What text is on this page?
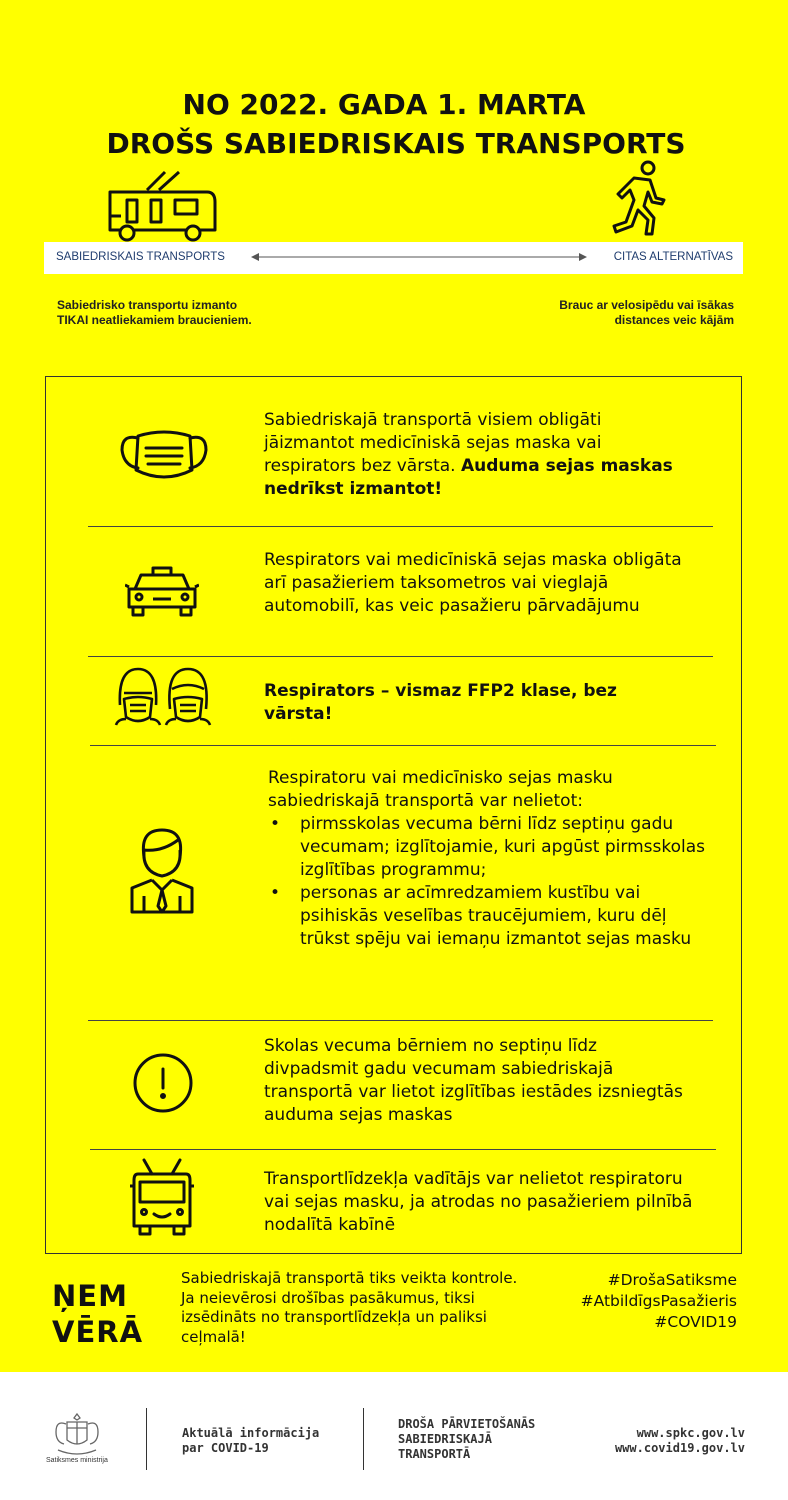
NO 2022. GADA 1. MARTA
DROŠS SABIEDRISKAIS TRANSPORTS
SABIEDRISKAIS TRANSPORTS	CITAS ALTERNATĪVAS
Sabiedrisko transportu izmanto
TIKAI neatliekamiem braucieniem.
Brauc ar velosipēdu vai īsākas
distances veic kājām
Sabiedriskajā transportā visiem obligāti jāizmantot medicīniskā sejas maska vai respirators bez vārsta. Auduma sejas maskas nedrīkst izmantot!
Respirators vai medicīniskā sejas maska obligāta arī pasažieriem taksometros vai vieglajā automobilī, kas veic pasažieru pārvadājumu
Respirators – vismaz FFP2 klase, bez vārsta!
Respiratoru vai medicīnisko sejas masku sabiedriskajā transportā var nelietot:
• pirmsskolas vecuma bērni līdz septiņu gadu vecumam; izglītojamie, kuri apgūst pirmsskolas izglītības programmu;
• personas ar acīmredzamiem kustību vai psihiskās veselības traucējumiem, kuru dēļ trūkst spēju vai iemaņu izmantot sejas masku
Skolas vecuma bērniem no septiņu līdz divpadsmit gadu vecumam sabiedriskajā transportā var lietot izglītības iestādes izsniegtās auduma sejas maskas
Transportlīdzekļa vadītājs var nelietot respiratoru vai sejas masku, ja atrodas no pasažieriem pilnībā nodalītā kabīnē
ŅEM
VĒRĀ
Sabiedriskajā transportā tiks veikta kontrole. Ja neievērosi drošības pasākumus, tiksi izsēdināts no transportlīdzekļa un paliksi ceļmalā!
#DrošaSatiksme
#AtbildīgsPasažieris
#COVID19
Satiksmes ministrija
Aktuālā informācija
par COVID-19
DROŠA PĀRVIETOŠANĀS
SABIEDRISKAJĀ
TRANSPORTĀ
www.spkc.gov.lv
www.covid19.gov.lv
